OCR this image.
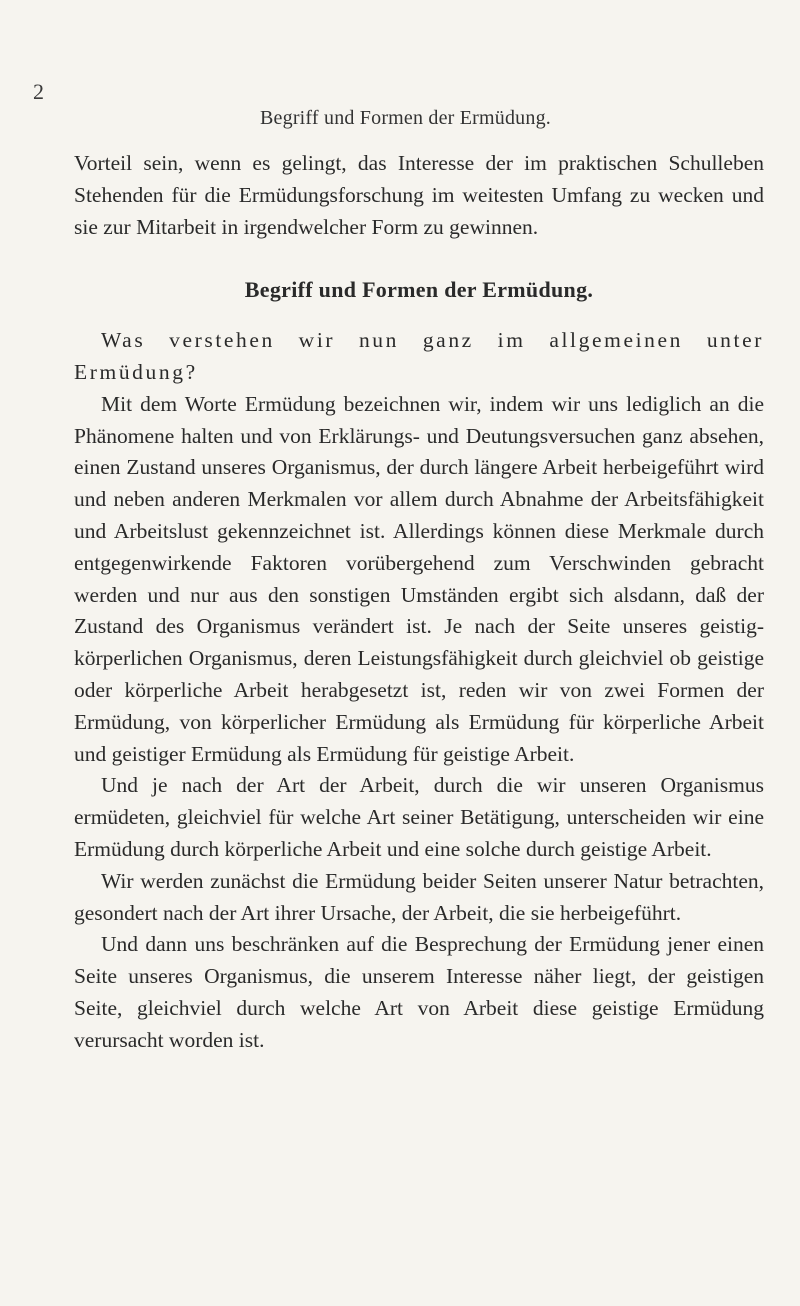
2
Begriff und Formen der Ermüdung.

Vorteil sein, wenn es gelingt, das Interesse der im praktischen Schulleben Stehenden für die Ermüdungsforschung im weitesten Umfang zu wecken und sie zur Mitarbeit in irgendwelcher Form zu gewinnen.

Begriff und Formen der Ermüdung.

Was verstehen wir nun ganz im allgemeinen unter Ermüdung?

Mit dem Worte Ermüdung bezeichnen wir, indem wir uns lediglich an die Phänomene halten und von Erklärungs- und Deutungsversuchen ganz absehen, einen Zustand unseres Organismus, der durch längere Arbeit herbeigeführt wird und neben anderen Merkmalen vor allem durch Abnahme der Arbeitsfähigkeit und Arbeitslust gekennzeichnet ist. Allerdings können diese Merkmale durch entgegenwirkende Faktoren vorübergehend zum Verschwinden gebracht werden und nur aus den sonstigen Umständen ergibt sich alsdann, daß der Zustand des Organismus verändert ist. Je nach der Seite unseres geistig-körperlichen Organismus, deren Leistungsfähigkeit durch gleichviel ob geistige oder körperliche Arbeit herabgesetzt ist, reden wir von zwei Formen der Ermüdung, von körperlicher Ermüdung als Ermüdung für körperliche Arbeit und geistiger Ermüdung als Ermüdung für geistige Arbeit.

Und je nach der Art der Arbeit, durch die wir unseren Organismus ermüdeten, gleichviel für welche Art seiner Betätigung, unterscheiden wir eine Ermüdung durch körperliche Arbeit und eine solche durch geistige Arbeit.

Wir werden zunächst die Ermüdung beider Seiten unserer Natur betrachten, gesondert nach der Art ihrer Ursache, der Arbeit, die sie herbeigeführt.

Und dann uns beschränken auf die Besprechung der Ermüdung jener einen Seite unseres Organismus, die unserem Interesse näher liegt, der geistigen Seite, gleichviel durch welche Art von Arbeit diese geistige Ermüdung verursacht worden ist.
